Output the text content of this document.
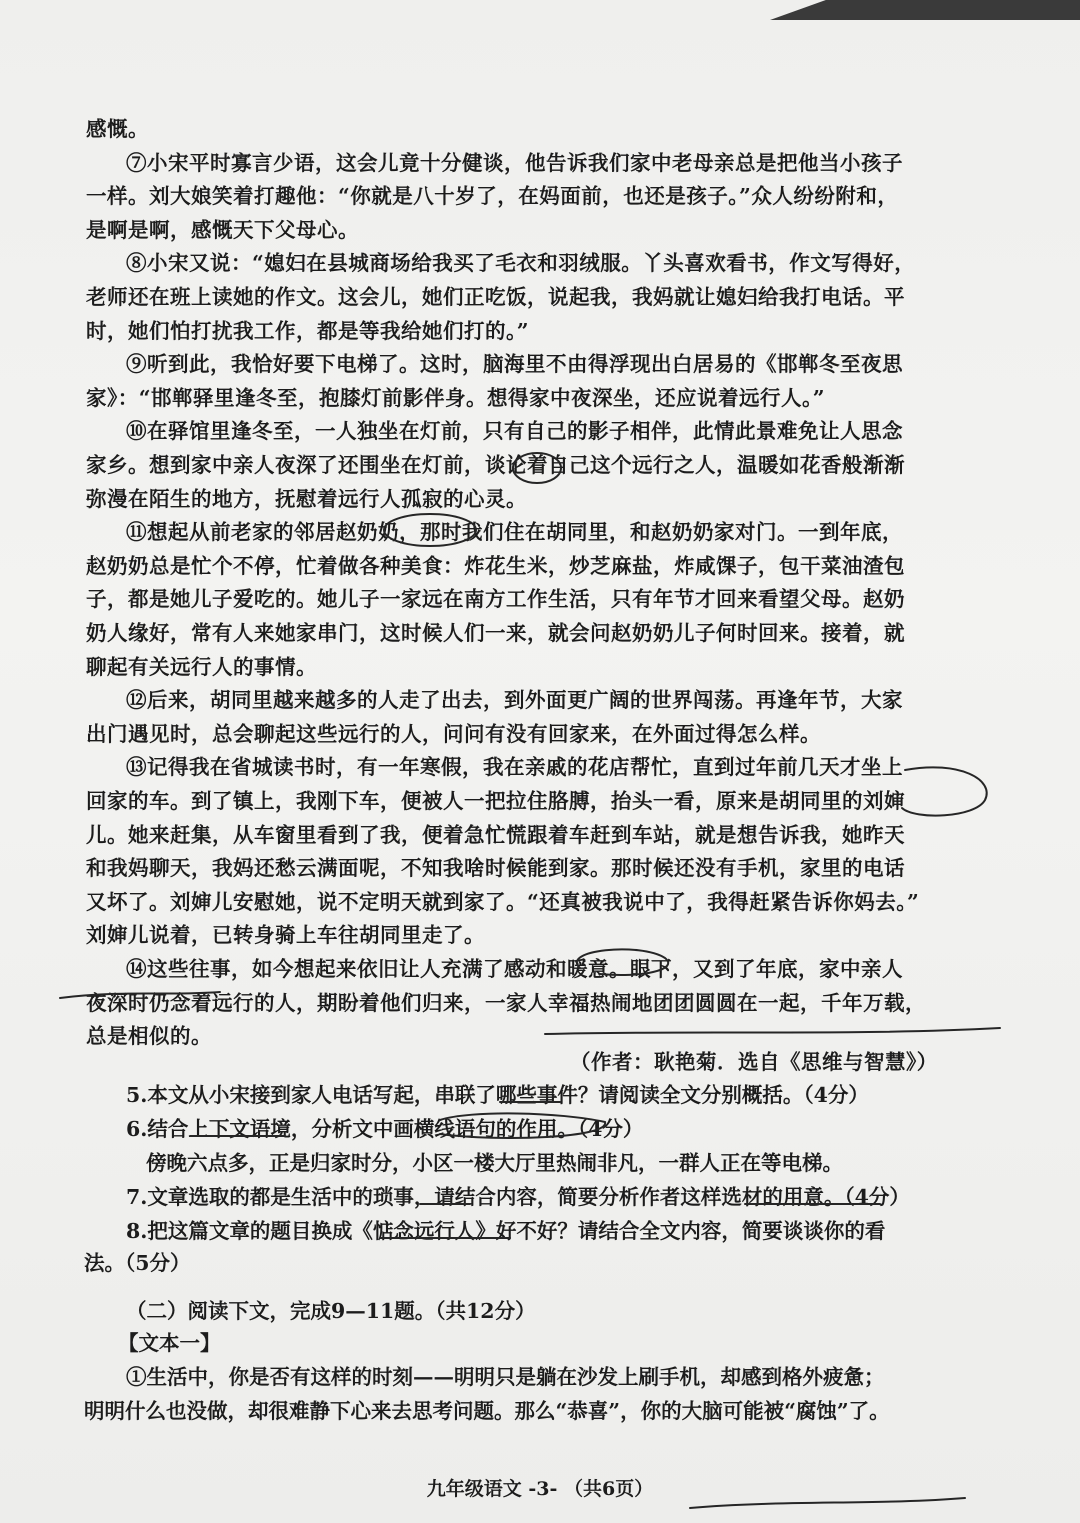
感慨。
⑦小宋平时寡言少语，这会儿竟十分健谈，他告诉我们家中老母亲总是把他当小孩子
一样。刘大娘笑着打趣他：“你就是八十岁了，在妈面前，也还是孩子。”众人纷纷附和，
是啊是啊，感慨天下父母心。
⑧小宋又说：“媳妇在县城商场给我买了毛衣和羽绒服。丫头喜欢看书，作文写得好，
老师还在班上读她的作文。这会儿，她们正吃饭，说起我，我妈就让媳妇给我打电话。平
时，她们怕打扰我工作，都是等我给她们打的。”
⑨听到此，我恰好要下电梯了。这时，脑海里不由得浮现出白居易的《邯郸冬至夜思
家》：“邯郸驿里逢冬至，抱膝灯前影伴身。想得家中夜深坐，还应说着远行人。”
⑩在驿馆里逢冬至，一人独坐在灯前，只有自己的影子相伴，此情此景难免让人思念
家乡。想到家中亲人夜深了还围坐在灯前，谈论着自己这个远行之人，温暖如花香般渐渐
弥漫在陌生的地方，抚慰着远行人孤寂的心灵。
⑪想起从前老家的邻居赵奶奶，那时我们住在胡同里，和赵奶奶家对门。一到年底，
赵奶奶总是忙个不停，忙着做各种美食：炸花生米，炒芝麻盐，炸咸馃子，包干菜油渣包
子，都是她儿子爱吃的。她儿子一家远在南方工作生活，只有年节才回来看望父母。赵奶
奶人缘好，常有人来她家串门，这时候人们一来，就会问赵奶奶儿子何时回来。接着，就
聊起有关远行人的事情。
⑫后来，胡同里越来越多的人走了出去，到外面更广阔的世界闯荡。再逢年节，大家
出门遇见时，总会聊起这些远行的人，问问有没有回家来，在外面过得怎么样。
⑬记得我在省城读书时，有一年寒假，我在亲戚的花店帮忙，直到过年前几天才坐上
回家的车。到了镇上，我刚下车，便被人一把拉住胳膊，抬头一看，原来是胡同里的刘婶
儿。她来赶集，从车窗里看到了我，便着急忙慌跟着车赶到车站，就是想告诉我，她昨天
和我妈聊天，我妈还愁云满面呢，不知我啥时候能到家。那时候还没有手机，家里的电话
又坏了。刘婶儿安慰她，说不定明天就到家了。“还真被我说中了，我得赶紧告诉你妈去。”
刘婶儿说着，已转身骑上车往胡同里走了。
⑭这些往事，如今想起来依旧让人充满了感动和暖意。眼下，又到了年底，家中亲人
夜深时仍念着远行的人，期盼着他们归来，一家人幸福热闹地团团圆圆在一起，千年万载，
总是相似的。
（作者：耿艳菊．选自《思维与智慧》）
5.本文从小宋接到家人电话写起，串联了哪些事件？请阅读全文分别概括。（4分）
6.结合上下文语境，分析文中画横线语句的作用。（4分）
傍晚六点多，正是归家时分，小区一楼大厅里热闹非凡，一群人正在等电梯。
7.文章选取的都是生活中的琐事，请结合内容，简要分析作者这样选材的用意。（4分）
8.把这篇文章的题目换成《惦念远行人》好不好？请结合全文内容，简要谈谈你的看
法。（5分）
（二）阅读下文，完成9—11题。（共12分）
【文本一】
①生活中，你是否有这样的时刻——明明只是躺在沙发上刷手机，却感到格外疲惫；
明明什么也没做，却很难静下心来去思考问题。那么“恭喜”，你的大脑可能被“腐蚀”了。
九年级语文 -3- （共6页）
